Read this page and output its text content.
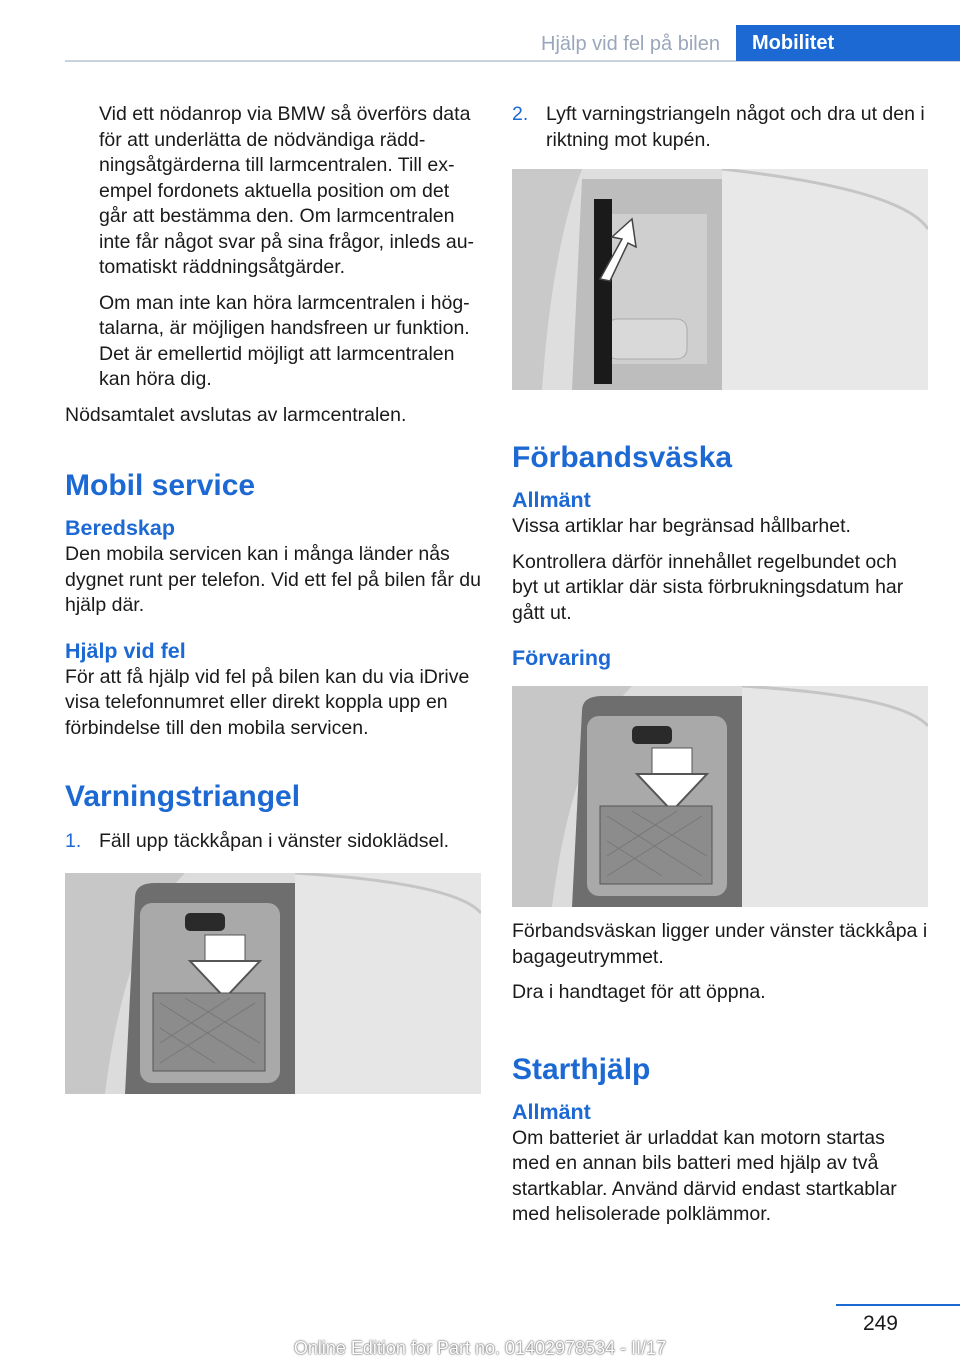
Hjälp vid fel på bilen	Mobilitet

Vid ett nödanrop via BMW så överförs data för att underlätta de nödvändiga rädd-ningsåtgärderna till larmcentralen. Till ex-empel fordonets aktuella position om det går att bestämma den. Om larmcentralen inte får något svar på sina frågor, inleds au-tomatiskt räddningsåtgärder.

Om man inte kan höra larmcentralen i hög-talarna, är möjligen handsfreen ur funktion. Det är emellertid möjligt att larmcentralen kan höra dig.

Nödsamtalet avslutas av larmcentralen.

Mobil service
Beredskap

Den mobila servicen kan i många länder nås dygnet runt per telefon. Vid ett fel på bilen får du hjälp där.

Hjälp vid fel

För att få hjälp vid fel på bilen kan du via iDrive visa telefonnumret eller direkt koppla upp en förbindelse till den mobila servicen.

Varningstriangel
1. Fäll upp täckkåpan i vänster sidoklädsel.
2. Lyft varningstriangeln något och dra ut den i riktning mot kupén.
Förbandsväska
Allmänt

Vissa artiklar har begränsad hållbarhet.

Kontrollera därför innehållet regelbundet och byt ut artiklar där sista förbrukningsdatum har gått ut.

Förvaring

Förbandsväskan ligger under vänster täckkåpa i bagageutrymmet.

Dra i handtaget för att öppna.

Starthjälp
Allmänt

Om batteriet är urladdat kan motorn startas med en annan bils batteri med hjälp av två startkablar. Använd därvid endast startkablar med helisolerade polklämmor.

249
Online Edition for Part no. 01402978534 - II/17
